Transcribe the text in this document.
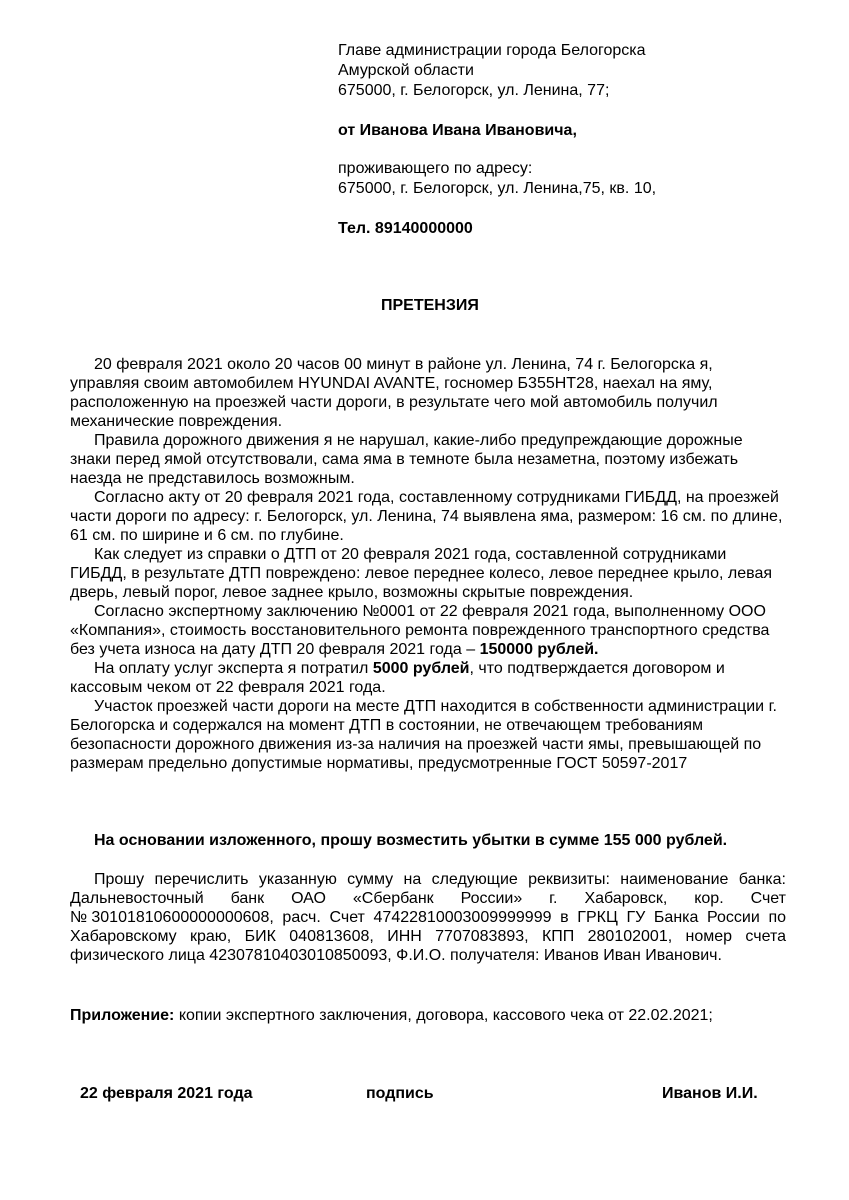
Главе администрации города Белогорска
Амурской области
675000, г. Белогорск, ул. Ленина, 77;
от Иванова Ивана Ивановича,
проживающего по адресу:
675000, г. Белогорск, ул. Ленина,75, кв. 10,
Тел. 89140000000
ПРЕТЕНЗИЯ

20 февраля 2021 около 20 часов 00 минут в районе ул. Ленина, 74 г. Белогорска я, управляя своим автомобилем HYUNDAI AVANTE, госномер Б355НТ28, наехал на яму, расположенную на проезжей части дороги, в результате чего мой автомобиль получил механические повреждения.

Правила дорожного движения я не нарушал, какие-либо предупреждающие дорожные знаки перед ямой отсутствовали, сама яма в темноте была незаметна, поэтому избежать наезда не представилось возможным.

Согласно акту от 20 февраля 2021 года, составленному сотрудниками ГИБДД, на проезжей части дороги по адресу: г. Белогорск, ул. Ленина, 74 выявлена яма, размером: 16 см. по длине, 61 см. по ширине и 6 см. по глубине.

Как следует из справки о ДТП от 20 февраля 2021 года, составленной сотрудниками ГИБДД, в результате ДТП повреждено: левое переднее колесо, левое переднее крыло, левая дверь, левый порог, левое заднее крыло, возможны скрытые повреждения.

Согласно экспертному заключению №0001 от 22 февраля 2021 года, выполненному ООО «Компания», стоимость восстановительного ремонта поврежденного транспортного средства без учета износа на дату ДТП 20 февраля 2021 года – 150000 рублей.

На оплату услуг эксперта я потратил 5000 рублей, что подтверждается договором и кассовым чеком от 22 февраля 2021 года.

Участок проезжей части дороги на месте ДТП находится в собственности администрации г. Белогорска и содержался на момент ДТП в состоянии, не отвечающем требованиям безопасности дорожного движения из-за наличия на проезжей части ямы, превышающей по размерам предельно допустимые нормативы, предусмотренные ГОСТ 50597-2017

На основании изложенного, прошу возместить убытки в сумме 155 000 рублей.

Прошу перечислить указанную сумму на следующие реквизиты: наименование банка: Дальневосточный банк ОАО «Сбербанк России» г. Хабаровск, кор. Счет №30101810600000000608, расч. Счет 47422810003009999999 в ГРКЦ ГУ Банка России по Хабаровскому краю, БИК 040813608, ИНН 7707083893, КПП 280102001, номер счета физического лица 42307810403010850093, Ф.И.О. получателя: Иванов Иван Иванович.

Приложение: копии экспертного заключения, договора, кассового чека от 22.02.2021;
22 февраля 2021 года	подпись	Иванов И.И.
